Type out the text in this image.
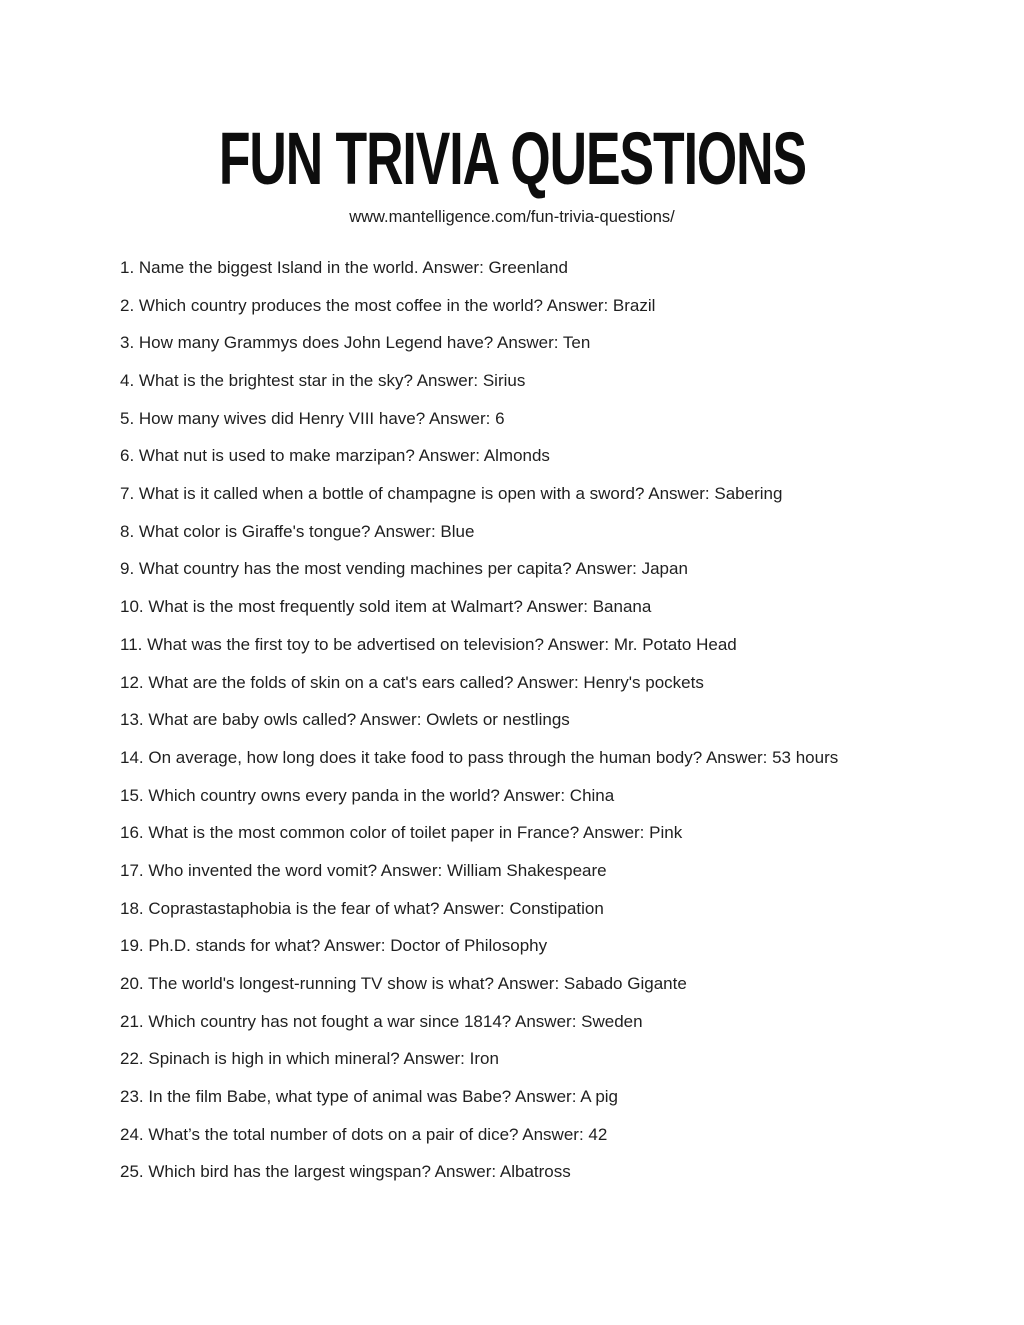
FUN TRIVIA QUESTIONS
www.mantelligence.com/fun-trivia-questions/
1. Name the biggest Island in the world. Answer: Greenland
2. Which country produces the most coffee in the world? Answer: Brazil
3. How many Grammys does John Legend have? Answer: Ten
4. What is the brightest star in the sky? Answer: Sirius
5. How many wives did Henry VIII have? Answer: 6
6. What nut is used to make marzipan? Answer: Almonds
7. What is it called when a bottle of champagne is open with a sword? Answer: Sabering
8. What color is Giraffe's tongue? Answer: Blue
9. What country has the most vending machines per capita? Answer: Japan
10. What is the most frequently sold item at Walmart? Answer: Banana
11. What was the first toy to be advertised on television? Answer: Mr. Potato Head
12. What are the folds of skin on a cat's ears called? Answer: Henry's pockets
13. What are baby owls called? Answer: Owlets or nestlings
14. On average, how long does it take food to pass through the human body? Answer: 53 hours
15. Which country owns every panda in the world? Answer: China
16. What is the most common color of toilet paper in France? Answer: Pink
17. Who invented the word vomit? Answer: William Shakespeare
18. Coprastastaphobia is the fear of what? Answer: Constipation
19. Ph.D. stands for what? Answer: Doctor of Philosophy
20. The world's longest-running TV show is what? Answer: Sabado Gigante
21. Which country has not fought a war since 1814? Answer: Sweden
22. Spinach is high in which mineral? Answer: Iron
23. In the film Babe, what type of animal was Babe? Answer: A pig
24. What’s the total number of dots on a pair of dice? Answer: 42
25. Which bird has the largest wingspan? Answer: Albatross
